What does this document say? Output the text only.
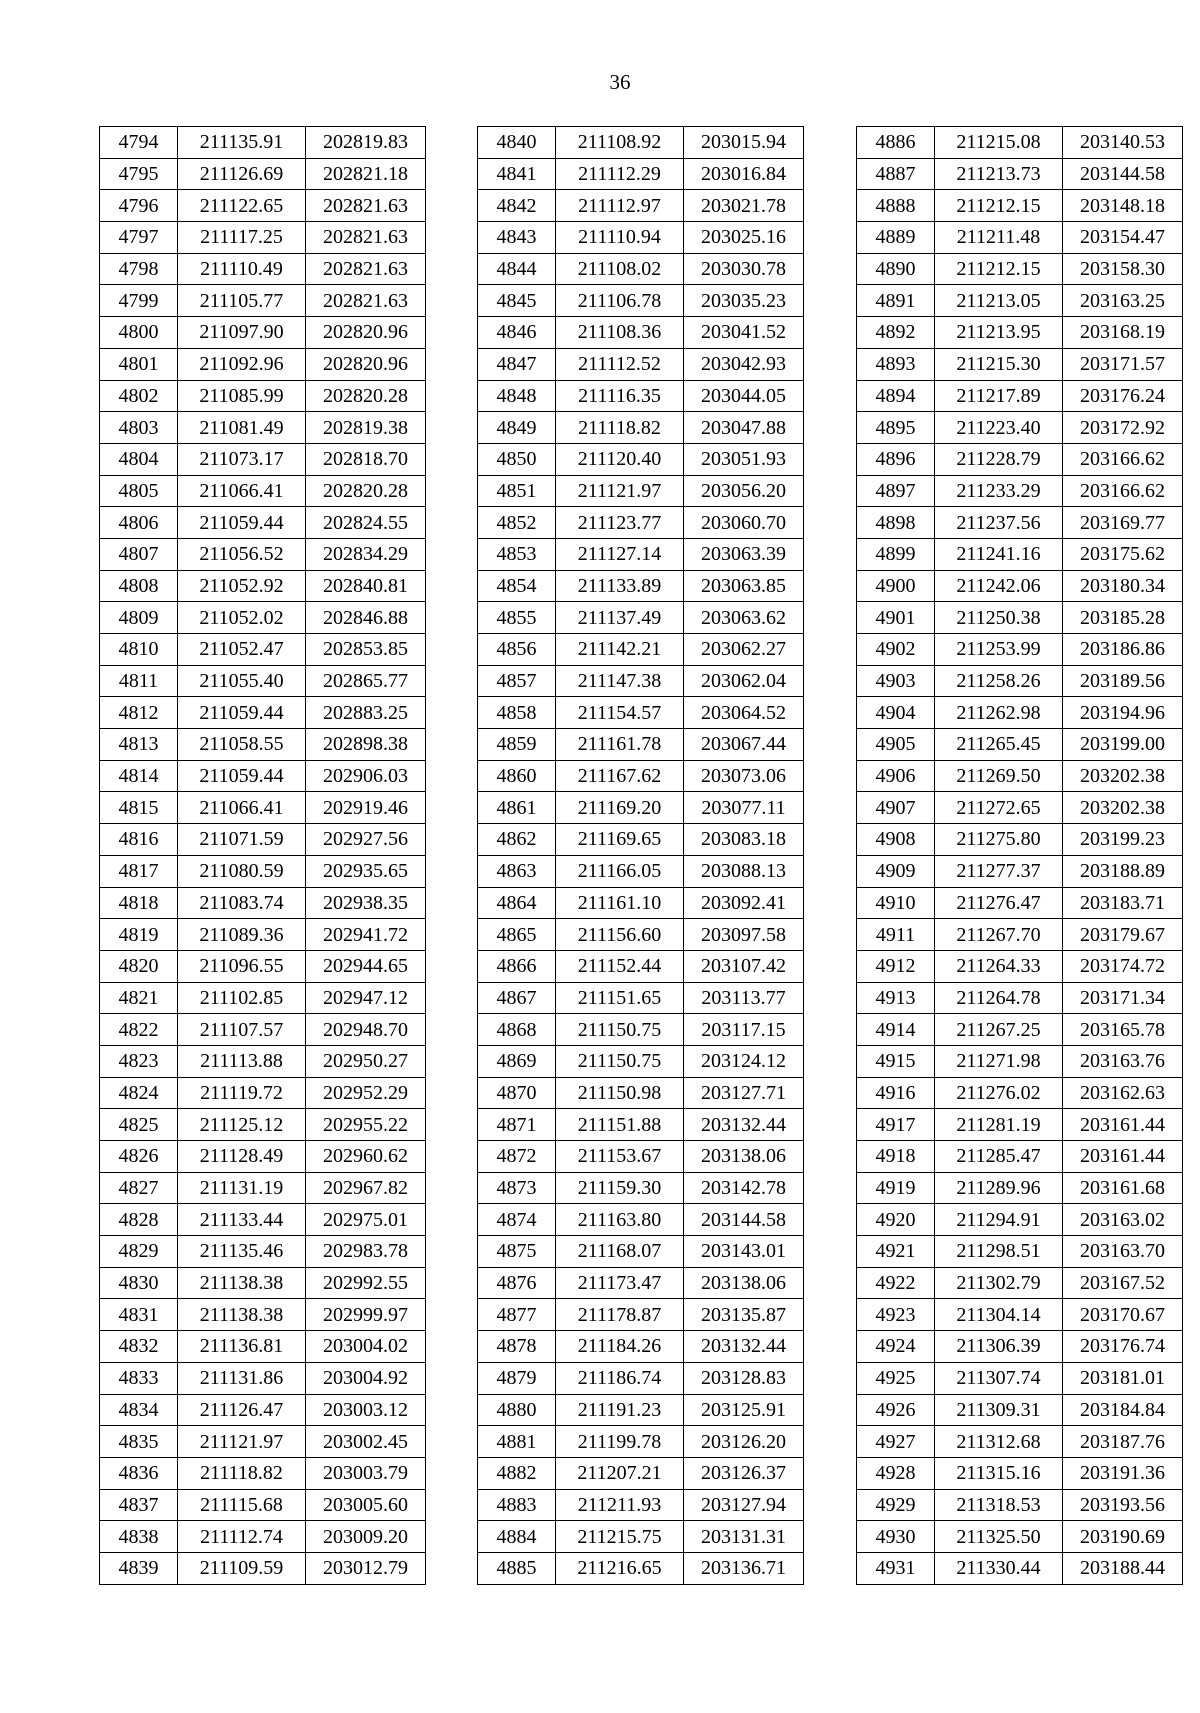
36
4794	211135.91	202819.83
4795	211126.69	202821.18
4796	211122.65	202821.63
4797	211117.25	202821.63
4798	211110.49	202821.63
4799	211105.77	202821.63
4800	211097.90	202820.96
4801	211092.96	202820.96
4802	211085.99	202820.28
4803	211081.49	202819.38
4804	211073.17	202818.70
4805	211066.41	202820.28
4806	211059.44	202824.55
4807	211056.52	202834.29
4808	211052.92	202840.81
4809	211052.02	202846.88
4810	211052.47	202853.85
4811	211055.40	202865.77
4812	211059.44	202883.25
4813	211058.55	202898.38
4814	211059.44	202906.03
4815	211066.41	202919.46
4816	211071.59	202927.56
4817	211080.59	202935.65
4818	211083.74	202938.35
4819	211089.36	202941.72
4820	211096.55	202944.65
4821	211102.85	202947.12
4822	211107.57	202948.70
4823	211113.88	202950.27
4824	211119.72	202952.29
4825	211125.12	202955.22
4826	211128.49	202960.62
4827	211131.19	202967.82
4828	211133.44	202975.01
4829	211135.46	202983.78
4830	211138.38	202992.55
4831	211138.38	202999.97
4832	211136.81	203004.02
4833	211131.86	203004.92
4834	211126.47	203003.12
4835	211121.97	203002.45
4836	211118.82	203003.79
4837	211115.68	203005.60
4838	211112.74	203009.20
4839	211109.59	203012.79
4840	211108.92	203015.94
4841	211112.29	203016.84
4842	211112.97	203021.78
4843	211110.94	203025.16
4844	211108.02	203030.78
4845	211106.78	203035.23
4846	211108.36	203041.52
4847	211112.52	203042.93
4848	211116.35	203044.05
4849	211118.82	203047.88
4850	211120.40	203051.93
4851	211121.97	203056.20
4852	211123.77	203060.70
4853	211127.14	203063.39
4854	211133.89	203063.85
4855	211137.49	203063.62
4856	211142.21	203062.27
4857	211147.38	203062.04
4858	211154.57	203064.52
4859	211161.78	203067.44
4860	211167.62	203073.06
4861	211169.20	203077.11
4862	211169.65	203083.18
4863	211166.05	203088.13
4864	211161.10	203092.41
4865	211156.60	203097.58
4866	211152.44	203107.42
4867	211151.65	203113.77
4868	211150.75	203117.15
4869	211150.75	203124.12
4870	211150.98	203127.71
4871	211151.88	203132.44
4872	211153.67	203138.06
4873	211159.30	203142.78
4874	211163.80	203144.58
4875	211168.07	203143.01
4876	211173.47	203138.06
4877	211178.87	203135.87
4878	211184.26	203132.44
4879	211186.74	203128.83
4880	211191.23	203125.91
4881	211199.78	203126.20
4882	211207.21	203126.37
4883	211211.93	203127.94
4884	211215.75	203131.31
4885	211216.65	203136.71
4886	211215.08	203140.53
4887	211213.73	203144.58
4888	211212.15	203148.18
4889	211211.48	203154.47
4890	211212.15	203158.30
4891	211213.05	203163.25
4892	211213.95	203168.19
4893	211215.30	203171.57
4894	211217.89	203176.24
4895	211223.40	203172.92
4896	211228.79	203166.62
4897	211233.29	203166.62
4898	211237.56	203169.77
4899	211241.16	203175.62
4900	211242.06	203180.34
4901	211250.38	203185.28
4902	211253.99	203186.86
4903	211258.26	203189.56
4904	211262.98	203194.96
4905	211265.45	203199.00
4906	211269.50	203202.38
4907	211272.65	203202.38
4908	211275.80	203199.23
4909	211277.37	203188.89
4910	211276.47	203183.71
4911	211267.70	203179.67
4912	211264.33	203174.72
4913	211264.78	203171.34
4914	211267.25	203165.78
4915	211271.98	203163.76
4916	211276.02	203162.63
4917	211281.19	203161.44
4918	211285.47	203161.44
4919	211289.96	203161.68
4920	211294.91	203163.02
4921	211298.51	203163.70
4922	211302.79	203167.52
4923	211304.14	203170.67
4924	211306.39	203176.74
4925	211307.74	203181.01
4926	211309.31	203184.84
4927	211312.68	203187.76
4928	211315.16	203191.36
4929	211318.53	203193.56
4930	211325.50	203190.69
4931	211330.44	203188.44
